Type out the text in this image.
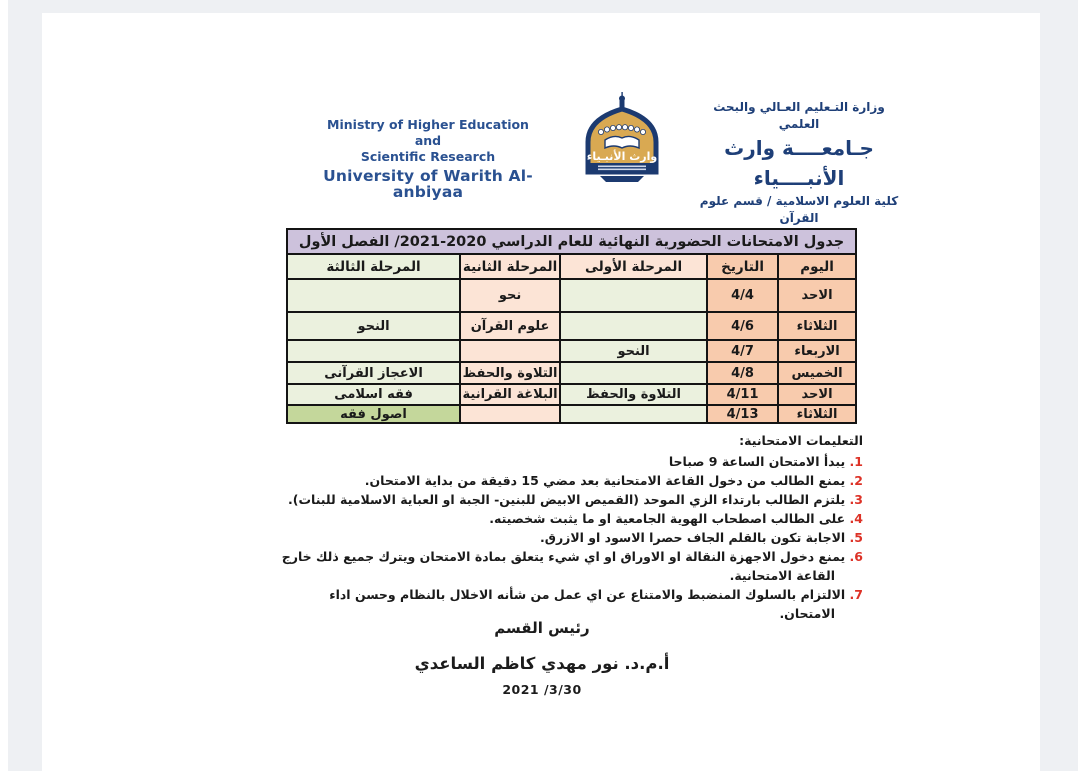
Ministry of Higher Education and
Scientific Research
University of Warith Al- anbiyaa
وارث الأنبـياء
وزارة التـعليم العـالي والبحث العلمي
جـامعــــة وارث الأنبــــياء
كلية العلوم الاسلامية / قسم علوم القرآن
جدول الامتحانات الحضورية النهائية للعام الدراسي 2020-2021/ الفصل الأول				
اليوم	التاريخ	المرحلة الأولى	المرحلة الثانية	المرحلة الثالثة
الاحد	4/4		نحو	
الثلاثاء	4/6		علوم القرآن	النحو
الاربعاء	4/7	النحو		
الخميس	4/8		التلاوة والحفظ	الاعجاز القرآنى
الاحد	4/11	التلاوة والحفظ	البلاغة القرانية	فقه اسلامى
الثلاثاء	4/13			اصول فقه
التعليمات الامتحانية:
1. يبدأ الامتحان الساعة 9 صباحا
2. يمنع الطالب من دخول القاعة الامتحانية بعد مضي 15 دقيقة من بداية الامتحان.
3. يلتزم الطالب بارتداء الزي الموحد (القميص الابيض للبنين- الجبة او العباية الاسلامية للبنات).
4. على الطالب اصطحاب الهوية الجامعية او ما يثبت شخصيته.
5. الاجابة تكون بالقلم الجاف حصرا الاسود او الازرق.
6. يمنع دخول الاجهزة النقالة او الاوراق او اي شيء يتعلق بمادة الامتحان ويترك جميع ذلك خارج القاعة الامتحانية.
7. الالتزام بالسلوك المنضبط والامتناع عن اي عمل من شأنه الاخلال بالنظام وحسن اداء الامتحان.
رئيس القسم
أ.م.د. نور مهدي كاظم الساعدي
2021 /3/30
